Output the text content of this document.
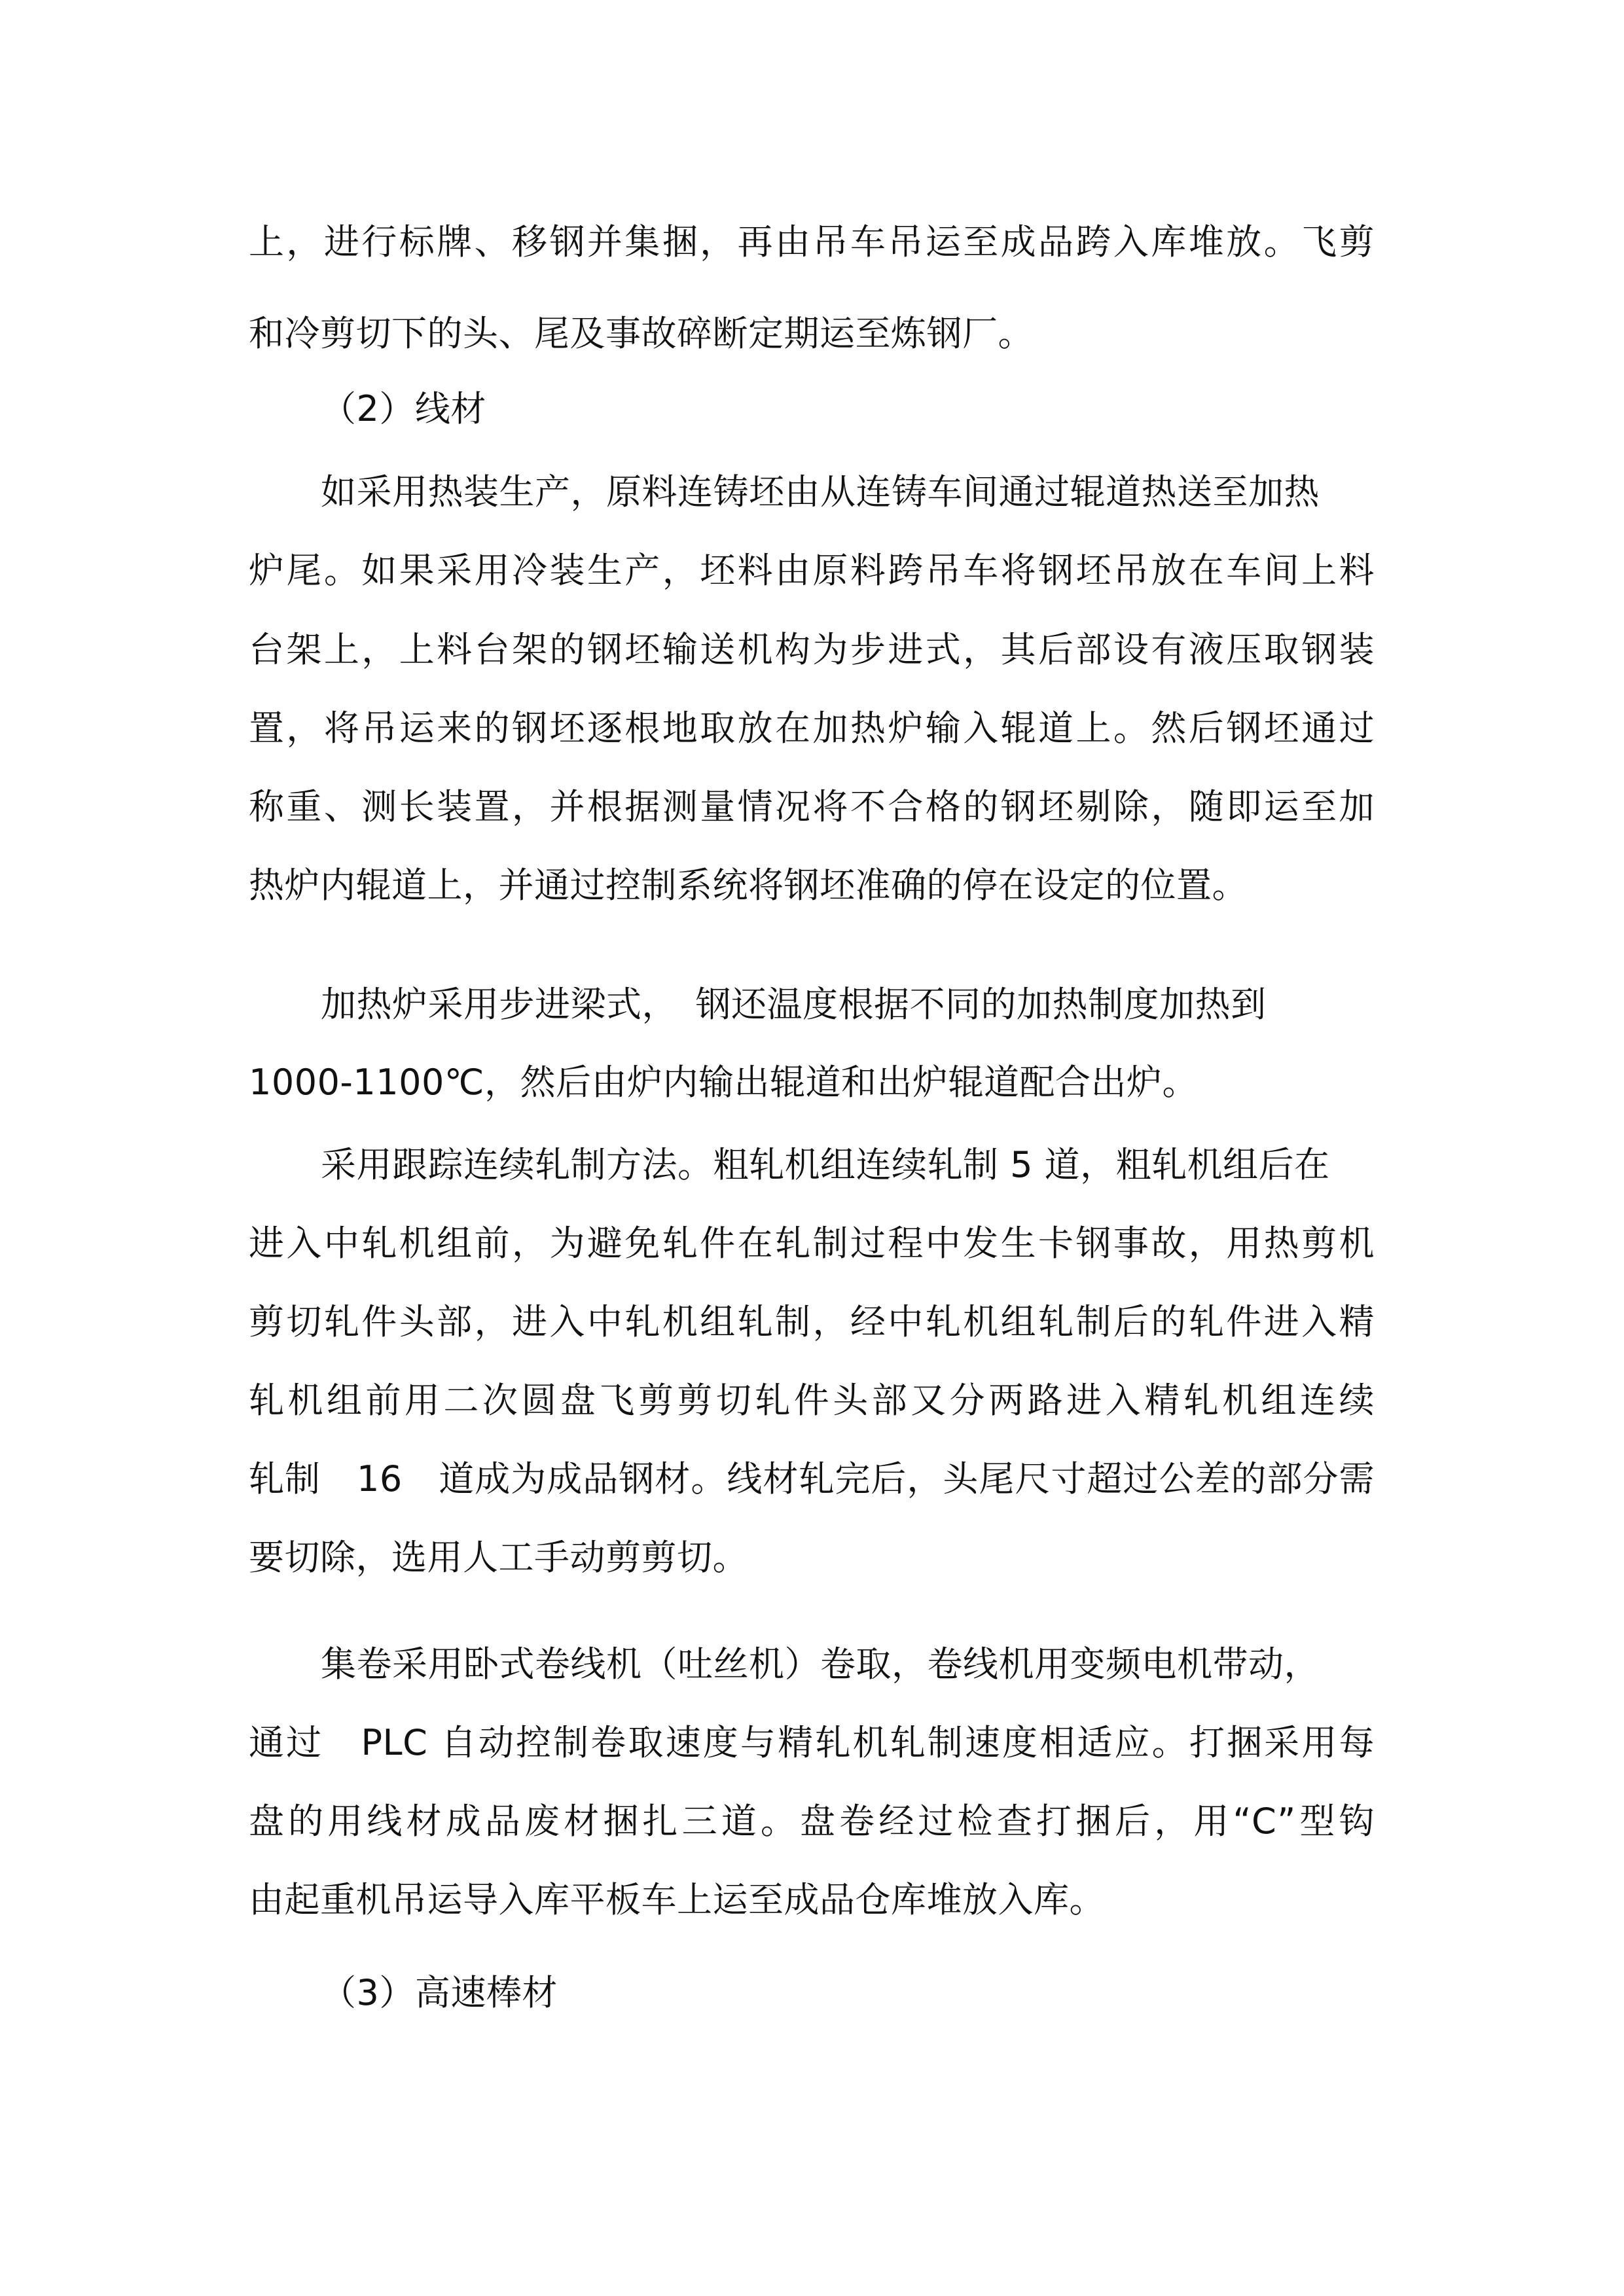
上，进行标牌、移钢并集捆，再由吊车吊运至成品跨入库堆放。飞剪
和冷剪切下的头、尾及事故碎断定期运至炼钢厂。
（2）线材
如采用热装生产，原料连铸坯由从连铸车间通过辊道热送至加热
炉尾。如果采用冷装生产，坯料由原料跨吊车将钢坯吊放在车间上料
台架上，上料台架的钢坯输送机构为步进式，其后部设有液压取钢装
置，将吊运来的钢坯逐根地取放在加热炉输入辊道上。然后钢坯通过
称重、测长装置，并根据测量情况将不合格的钢坯剔除，随即运至加
热炉内辊道上，并通过控制系统将钢坯准确的停在设定的位置。
加热炉采用步进梁式，　钢还温度根据不同的加热制度加热到
1000-1100℃，然后由炉内输出辊道和出炉辊道配合出炉。
采用跟踪连续轧制方法。粗轧机组连续轧制 5 道，粗轧机组后在
进入中轧机组前，为避免轧件在轧制过程中发生卡钢事故，用热剪机
剪切轧件头部，进入中轧机组轧制，经中轧机组轧制后的轧件进入精
轧机组前用二次圆盘飞剪剪切轧件头部又分两路进入精轧机组连续
轧制　16　道成为成品钢材。线材轧完后，头尾尺寸超过公差的部分需
要切除，选用人工手动剪剪切。
集卷采用卧式卷线机（吐丝机）卷取，卷线机用变频电机带动，
通过　PLC 自动控制卷取速度与精轧机轧制速度相适应。打捆采用每
盘的用线材成品废材捆扎三道。盘卷经过检查打捆后，用“C”型钩
由起重机吊运导入库平板车上运至成品仓库堆放入库。
（3）高速棒材
